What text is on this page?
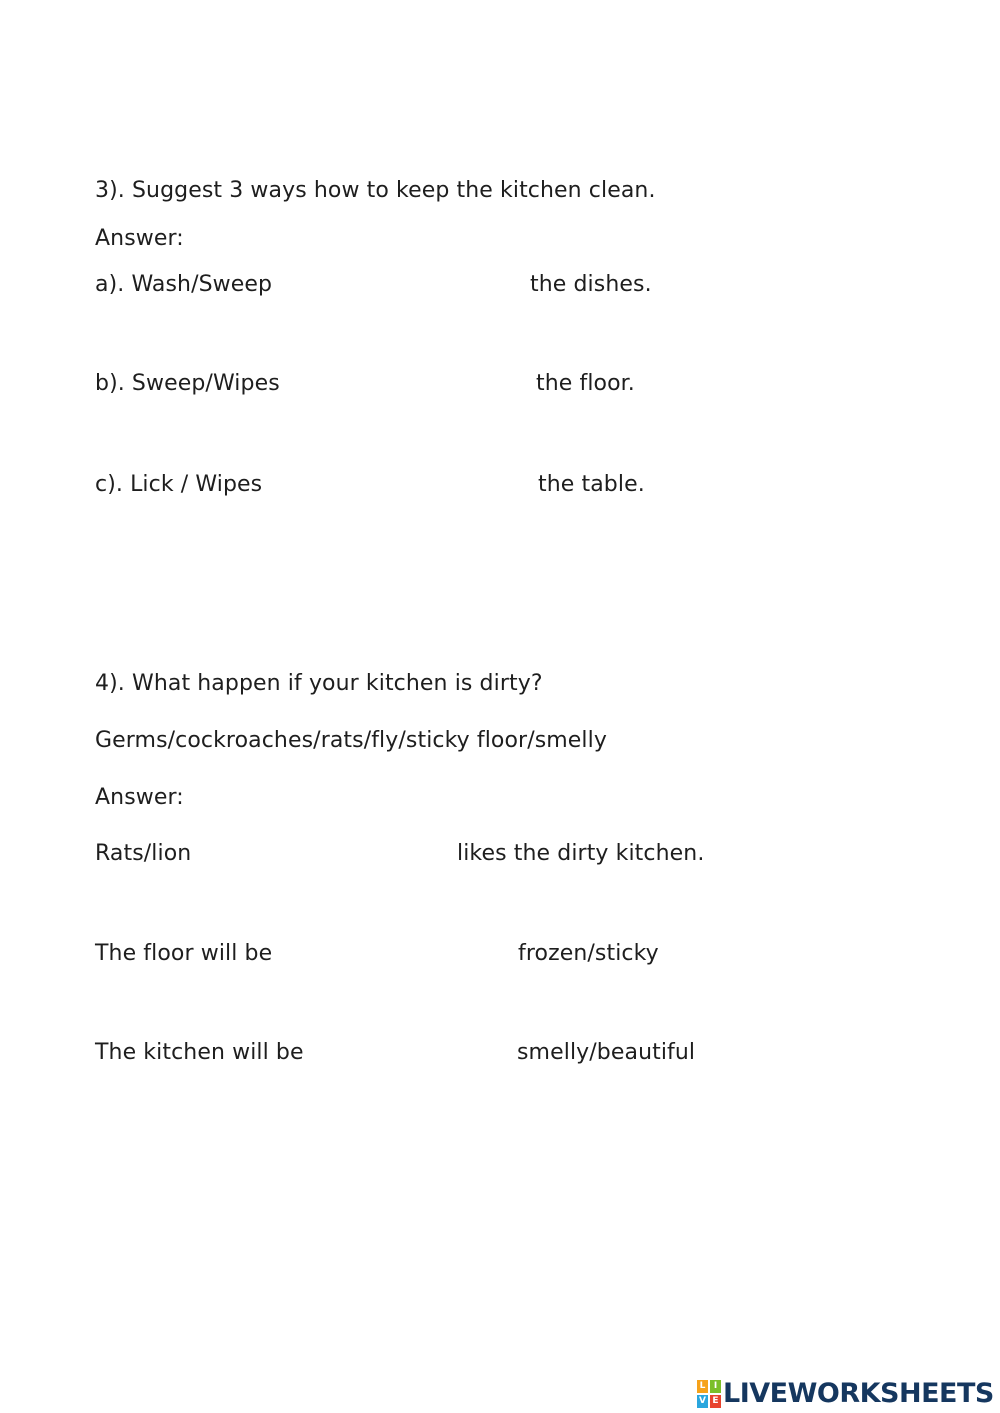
3). Suggest 3 ways how to keep the kitchen clean.
Answer:
a). Wash/Sweep	the dishes.
b). Sweep/Wipes	the floor.
c). Lick / Wipes	the table.
4). What happen if your kitchen is dirty?
Germs/cockroaches/rats/fly/sticky floor/smelly
Answer:
Rats/lion	likes the dirty kitchen.
The floor will be	frozen/sticky
The kitchen will be	smelly/beautiful
L I
V E LIVEWORKSHEETS
